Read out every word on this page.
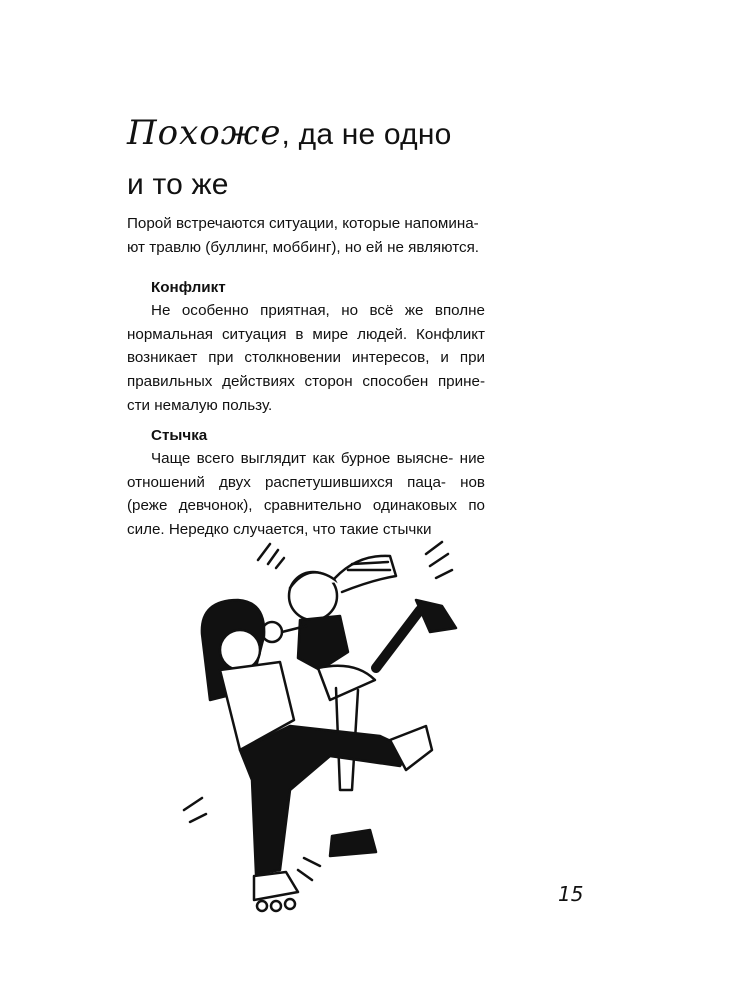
Похоже, да не одно
и то же
Порой встречаются ситуации, которые напомина-
ют травлю (буллинг, моббинг), но ей не являются.
Конфликт
Не особенно приятная, но всё же вполне нормальная ситуация в мире людей. Конфликт возникает при столкновении интересов, и при правильных действиях сторон способен прине- сти немалую пользу.
Стычка
Чаще всего выглядит как бурное выясне- ние отношений двух распетушившихся паца- нов (реже девчонок), сравнительно одинаковых по силе. Нередко случается, что такие стычки
15
